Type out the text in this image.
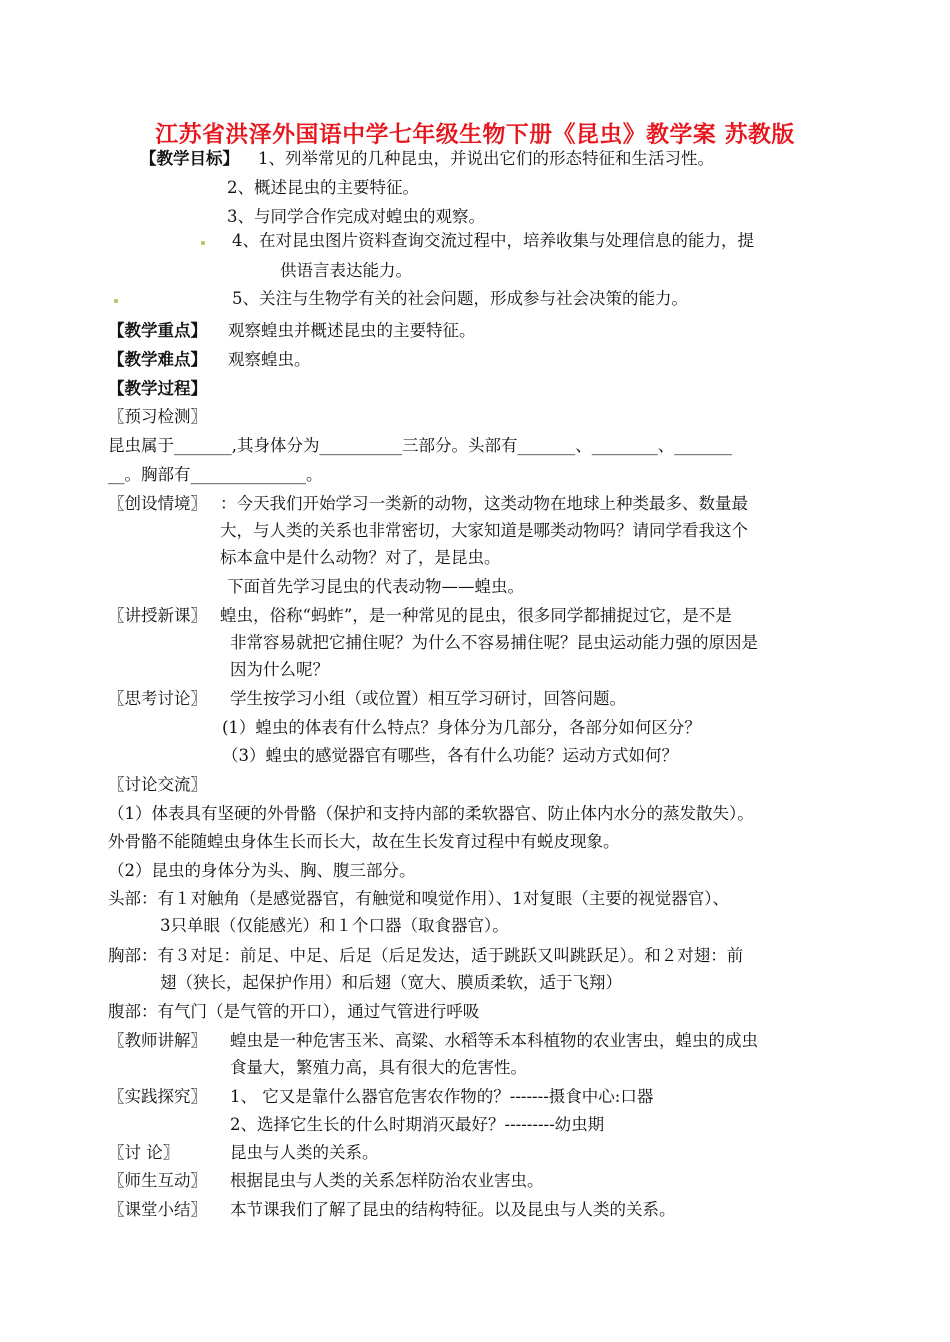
江苏省洪泽外国语中学七年级生物下册《昆虫》教学案 苏教版
【教学目标】 1、列举常见的几种昆虫，并说出它们的形态特征和生活习性。
2、概述昆虫的主要特征。
3、与同学合作完成对蝗虫的观察。
4、在对昆虫图片资料查询交流过程中，培养收集与处理信息的能力，提
供语言表达能力。
5、关注与生物学有关的社会问题，形成参与社会决策的能力。
【教学重点】 观察蝗虫并概述昆虫的主要特征。
【教学难点】 观察蝗虫。
【教学过程】
〖预习检测〗
昆虫属于_______,其身体分为__________三部分。头部有_______、________、_______
__。胸部有______________。
〖创设情境〗 ：今天我们开始学习一类新的动物，这类动物在地球上种类最多、数量最
大，与人类的关系也非常密切，大家知道是哪类动物吗？请同学看我这个
标本盒中是什么动物？对了，是昆虫。
下面首先学习昆虫的代表动物——蝗虫。
〖讲授新课〗 蝗虫，俗称“蚂蚱”，是一种常见的昆虫，很多同学都捕捉过它，是不是
非常容易就把它捕住呢？为什么不容易捕住呢？昆虫运动能力强的原因是
因为什么呢？
〖思考讨论〗 学生按学习小组（或位置）相互学习研讨，回答问题。
(1）蝗虫的体表有什么特点？身体分为几部分，各部分如何区分？
（3）蝗虫的感觉器官有哪些，各有什么功能？运动方式如何？
〖讨论交流〗
（1）体表具有坚硬的外骨骼（保护和支持内部的柔软器官、防止体内水分的蒸发散失）。
外骨骼不能随蝗虫身体生长而长大，故在生长发育过程中有蜕皮现象。
（2）昆虫的身体分为头、胸、腹三部分。
头部：有１对触角（是感觉器官，有触觉和嗅觉作用）、1对复眼（主要的视觉器官）、
3只单眼（仅能感光）和１个口器（取食器官）。
胸部：有３对足：前足、中足、后足（后足发达，适于跳跃又叫跳跃足）。和２对翅：前
翅（狭长，起保护作用）和后翅（宽大、膜质柔软，适于飞翔）
腹部：有气门（是气管的开口），通过气管进行呼吸
〖教师讲解〗 蝗虫是一种危害玉米、高粱、水稻等禾本科植物的农业害虫，蝗虫的成虫
食量大，繁殖力高，具有很大的危害性。
〖实践探究〗 1、 它又是靠什么器官危害农作物的？-------摄食中心:口器
2、选择它生长的什么时期消灭最好？---------幼虫期
〖讨 论〗	昆虫与人类的关系。
〖师生互动〗 根据昆虫与人类的关系怎样防治农业害虫。
〖课堂小结〗 本节课我们了解了昆虫的结构特征。以及昆虫与人类的关系。
